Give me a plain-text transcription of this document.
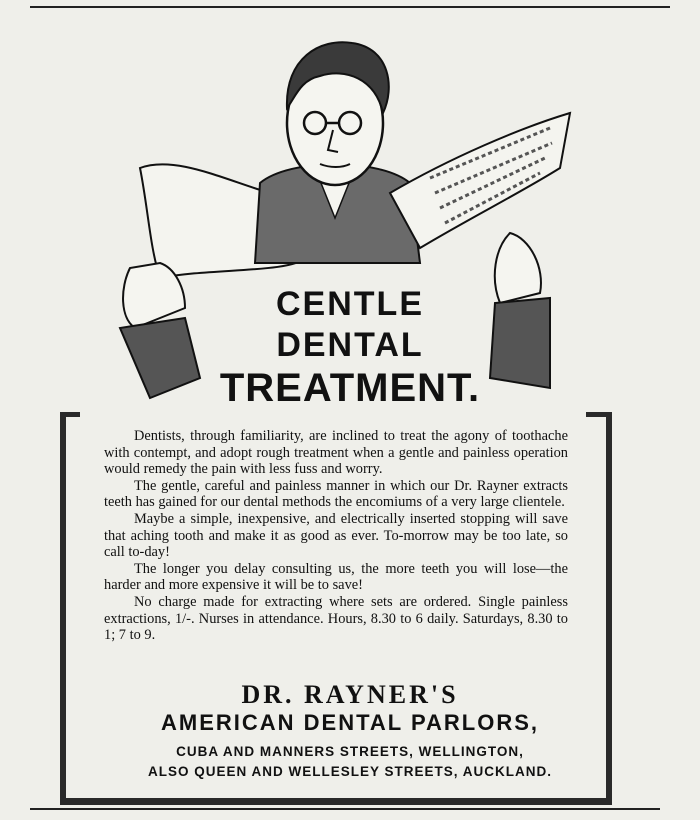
CENTLE
DENTAL
TREATMENT.

Dentists, through familiarity, are inclined to treat the agony of toothache with contempt, and adopt rough treatment when a gentle and painless operation would remedy the pain with less fuss and worry.

The gentle, careful and painless manner in which our Dr. Rayner extracts teeth has gained for our dental methods the encomiums of a very large clientele.

Maybe a simple, inexpensive, and electrically inserted stopping will save that aching tooth and make it as good as ever. To-morrow may be too late, so call to-day!

The longer you delay consulting us, the more teeth you will lose—the harder and more expensive it will be to save!

No charge made for extracting where sets are ordered. Single painless extractions, 1/-. Nurses in attendance. Hours, 8.30 to 6 daily. Saturdays, 8.30 to 1; 7 to 9.

DR. RAYNER'S
AMERICAN DENTAL PARLORS,
CUBA AND MANNERS STREETS, WELLINGTON,
ALSO QUEEN AND WELLESLEY STREETS, AUCKLAND.
